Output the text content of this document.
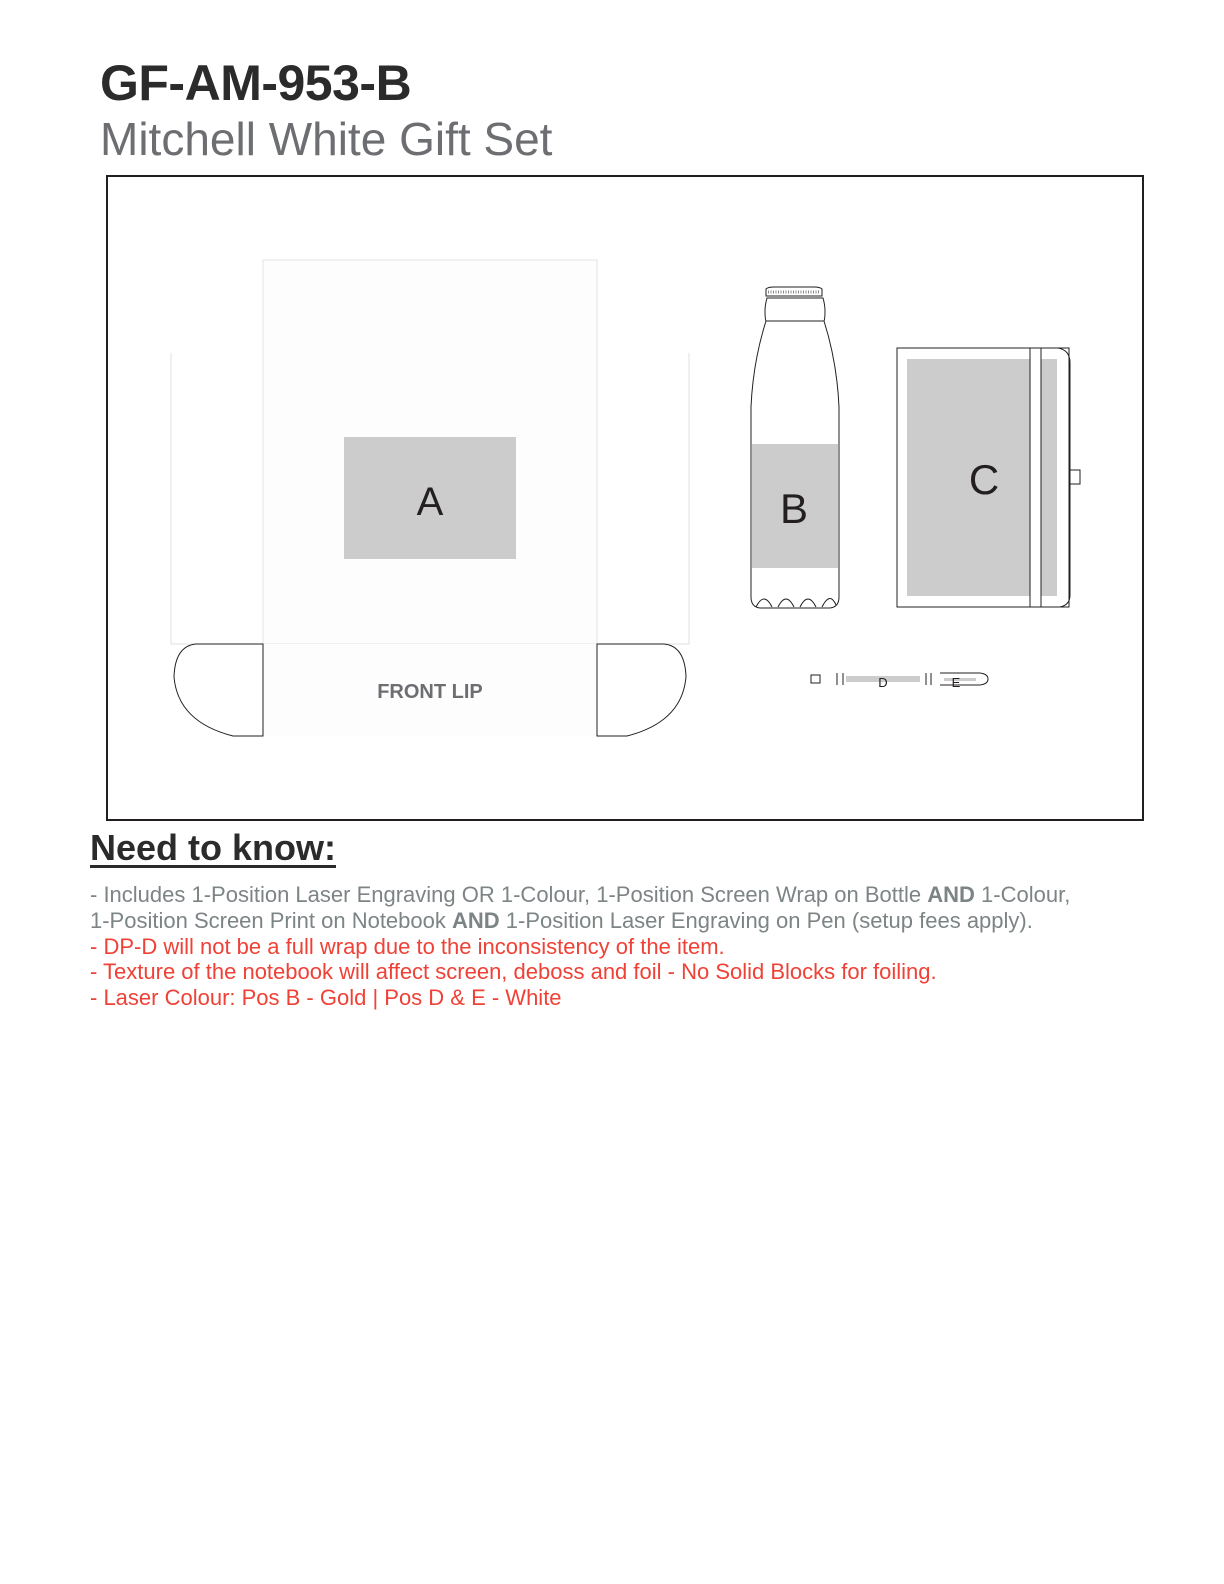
GF-AM-953-B
Mitchell White Gift Set
A
FRONT LIP
B
C
D	E
Need to know:
- Includes 1-Position Laser Engraving OR 1-Colour, 1-Position Screen Wrap on Bottle AND 1-Colour,
1-Position Screen Print on Notebook AND 1-Position Laser Engraving on Pen (setup fees apply).
- DP-D will not be a full wrap due to the inconsistency of the item.
- Texture of the notebook will affect screen, deboss and foil - No Solid Blocks for foiling.
- Laser Colour: Pos B - Gold | Pos D & E - White
